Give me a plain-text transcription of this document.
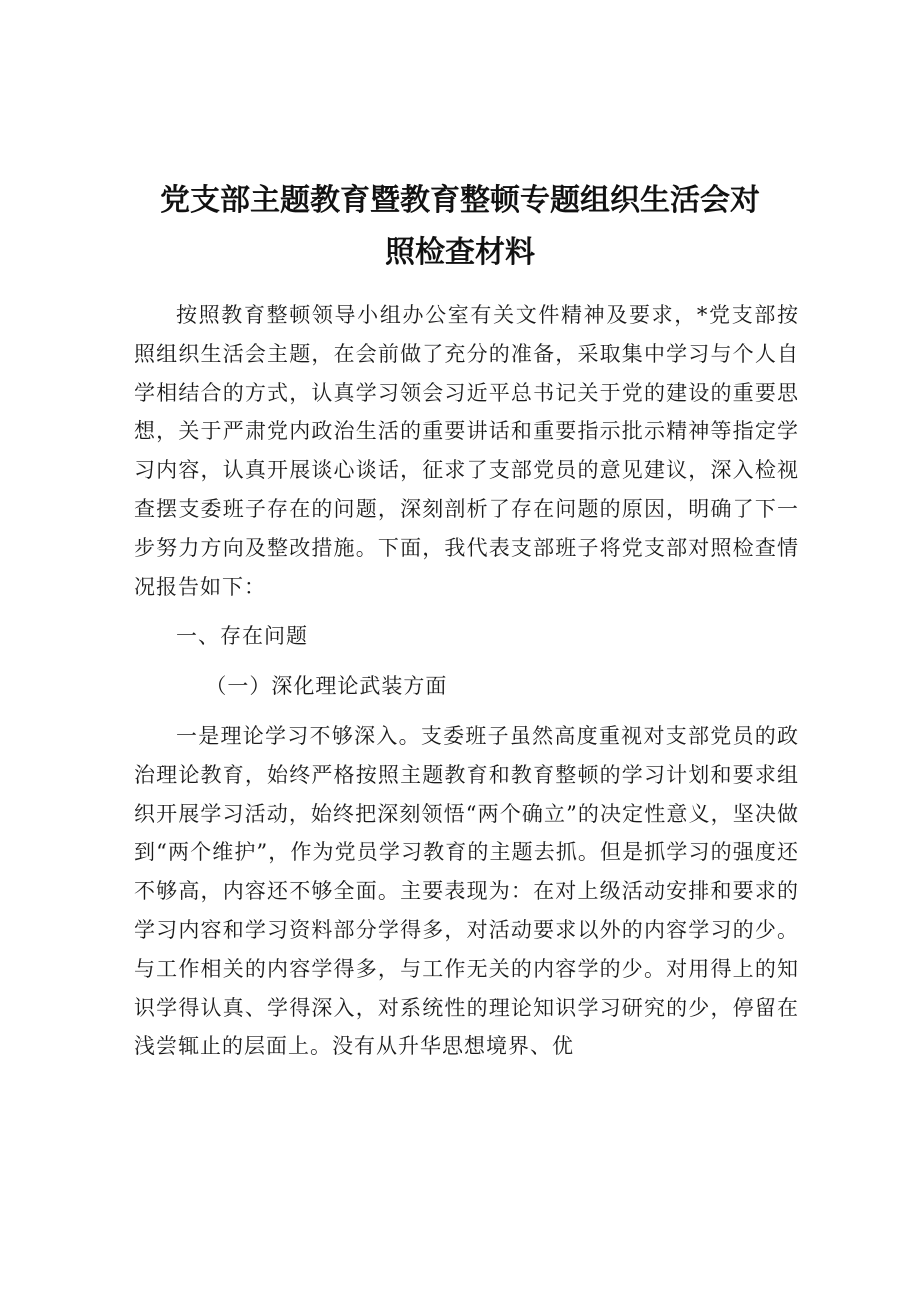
党支部主题教育暨教育整顿专题组织生活会对
照检查材料

按照教育整顿领导小组办公室有关文件精神及要求，*党支部按照组织生活会主题，在会前做了充分的准备，采取集中学习与个人自学相结合的方式，认真学习领会习近平总书记关于党的建设的重要思想，关于严肃党内政治生活的重要讲话和重要指示批示精神等指定学习内容，认真开展谈心谈话，征求了支部党员的意见建议，深入检视查摆支委班子存在的问题，深刻剖析了存在问题的原因，明确了下一步努力方向及整改措施。下面，我代表支部班子将党支部对照检查情况报告如下：

一、存在问题

（一）深化理论武装方面

一是理论学习不够深入。支委班子虽然高度重视对支部党员的政治理论教育，始终严格按照主题教育和教育整顿的学习计划和要求组织开展学习活动，始终把深刻领悟“两个确立”的决定性意义，坚决做到“两个维护”，作为党员学习教育的主题去抓。但是抓学习的强度还不够高，内容还不够全面。主要表现为：在对上级活动安排和要求的学习内容和学习资料部分学得多，对活动要求以外的内容学习的少。与工作相关的内容学得多，与工作无关的内容学的少。对用得上的知识学得认真、学得深入，对系统性的理论知识学习研究的少，停留在浅尝辄止的层面上。没有从升华思想境界、优
